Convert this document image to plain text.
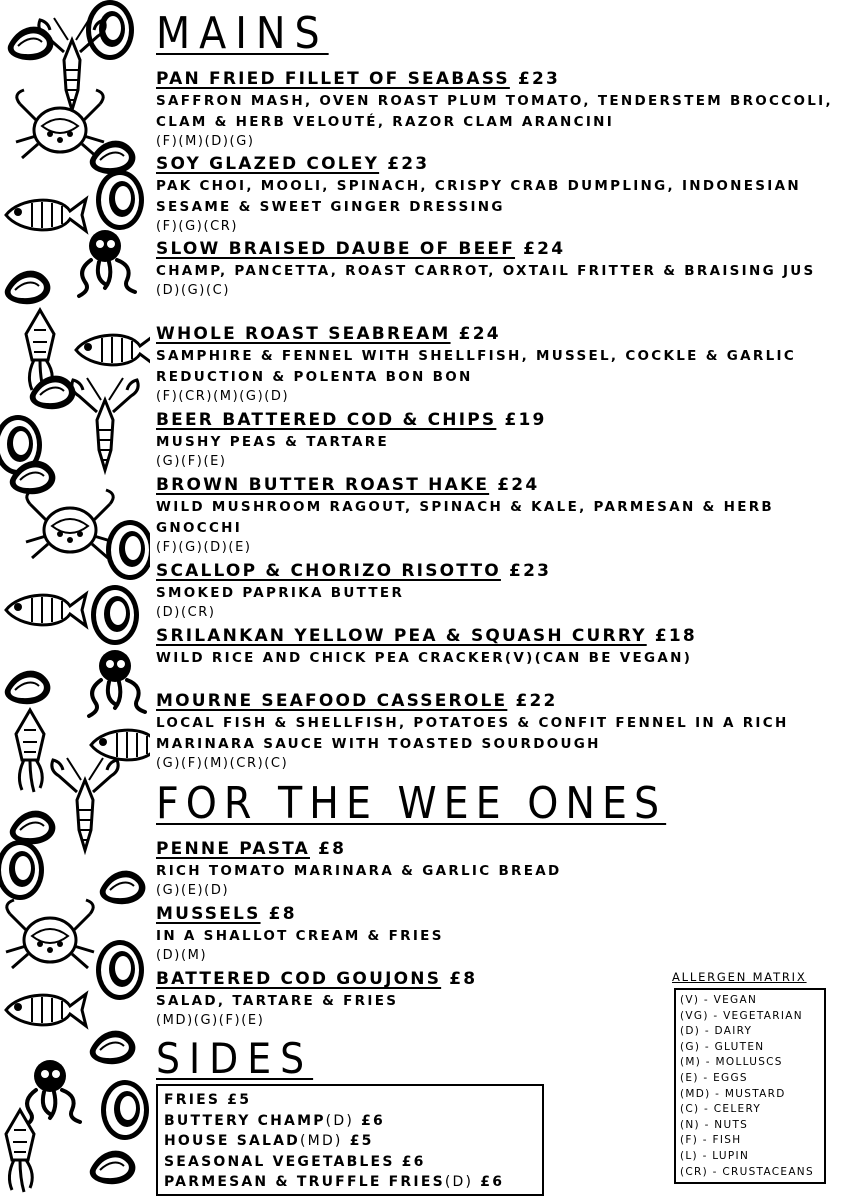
MAINS
PAN FRIED FILLET OF SEABASS £23
SAFFRON MASH, OVEN ROAST PLUM TOMATO, TENDERSTEM BROCCOLI, CLAM & HERB VELOUTÉ, RAZOR CLAM ARANCINI
(F)(M)(D)(G)
SOY GLAZED COLEY £23
PAK CHOI, MOOLI, SPINACH, CRISPY CRAB DUMPLING, INDONESIAN SESAME & SWEET GINGER DRESSING
(F)(G)(CR)
SLOW BRAISED DAUBE OF BEEF £24
CHAMP, PANCETTA, ROAST CARROT, OXTAIL FRITTER & BRAISING JUS
(D)(G)(C)
WHOLE ROAST SEABREAM £24
SAMPHIRE & FENNEL WITH SHELLFISH, MUSSEL, COCKLE & GARLIC REDUCTION & POLENTA BON BON
(F)(CR)(M)(G)(D)
BEER BATTERED COD & CHIPS £19
MUSHY PEAS & TARTARE
(G)(F)(E)
BROWN BUTTER ROAST HAKE £24
WILD MUSHROOM RAGOUT, SPINACH & KALE, PARMESAN & HERB GNOCCHI
(F)(G)(D)(E)
SCALLOP & CHORIZO RISOTTO £23
SMOKED PAPRIKA BUTTER
(D)(CR)
SRILANKAN YELLOW PEA & SQUASH CURRY £18
WILD RICE AND CHICK PEA CRACKER(V)(CAN BE VEGAN)
MOURNE SEAFOOD CASSEROLE £22
LOCAL FISH & SHELLFISH, POTATOES & CONFIT FENNEL IN A RICH MARINARA SAUCE WITH TOASTED SOURDOUGH
(G)(F)(M)(CR)(C)
FOR THE WEE ONES
PENNE PASTA £8
RICH TOMATO MARINARA & GARLIC BREAD
(G)(E)(D)
MUSSELS £8
IN A SHALLOT CREAM & FRIES
(D)(M)
BATTERED COD GOUJONS £8
SALAD, TARTARE & FRIES
(MD)(G)(F)(E)
SIDES
FRIES £5
BUTTERY CHAMP(D) £6
HOUSE SALAD(MD) £5
SEASONAL VEGETABLES £6
PARMESAN & TRUFFLE FRIES(D) £6
ALLERGEN MATRIX
(V) - VEGAN
(VG) - VEGETARIAN
(D) - DAIRY
(G) - GLUTEN
(M) - MOLLUSCS
(E) - EGGS
(MD) - MUSTARD
(C) - CELERY
(N) - NUTS
(F) - FISH
(L) - LUPIN
(CR) - CRUSTACEANS
